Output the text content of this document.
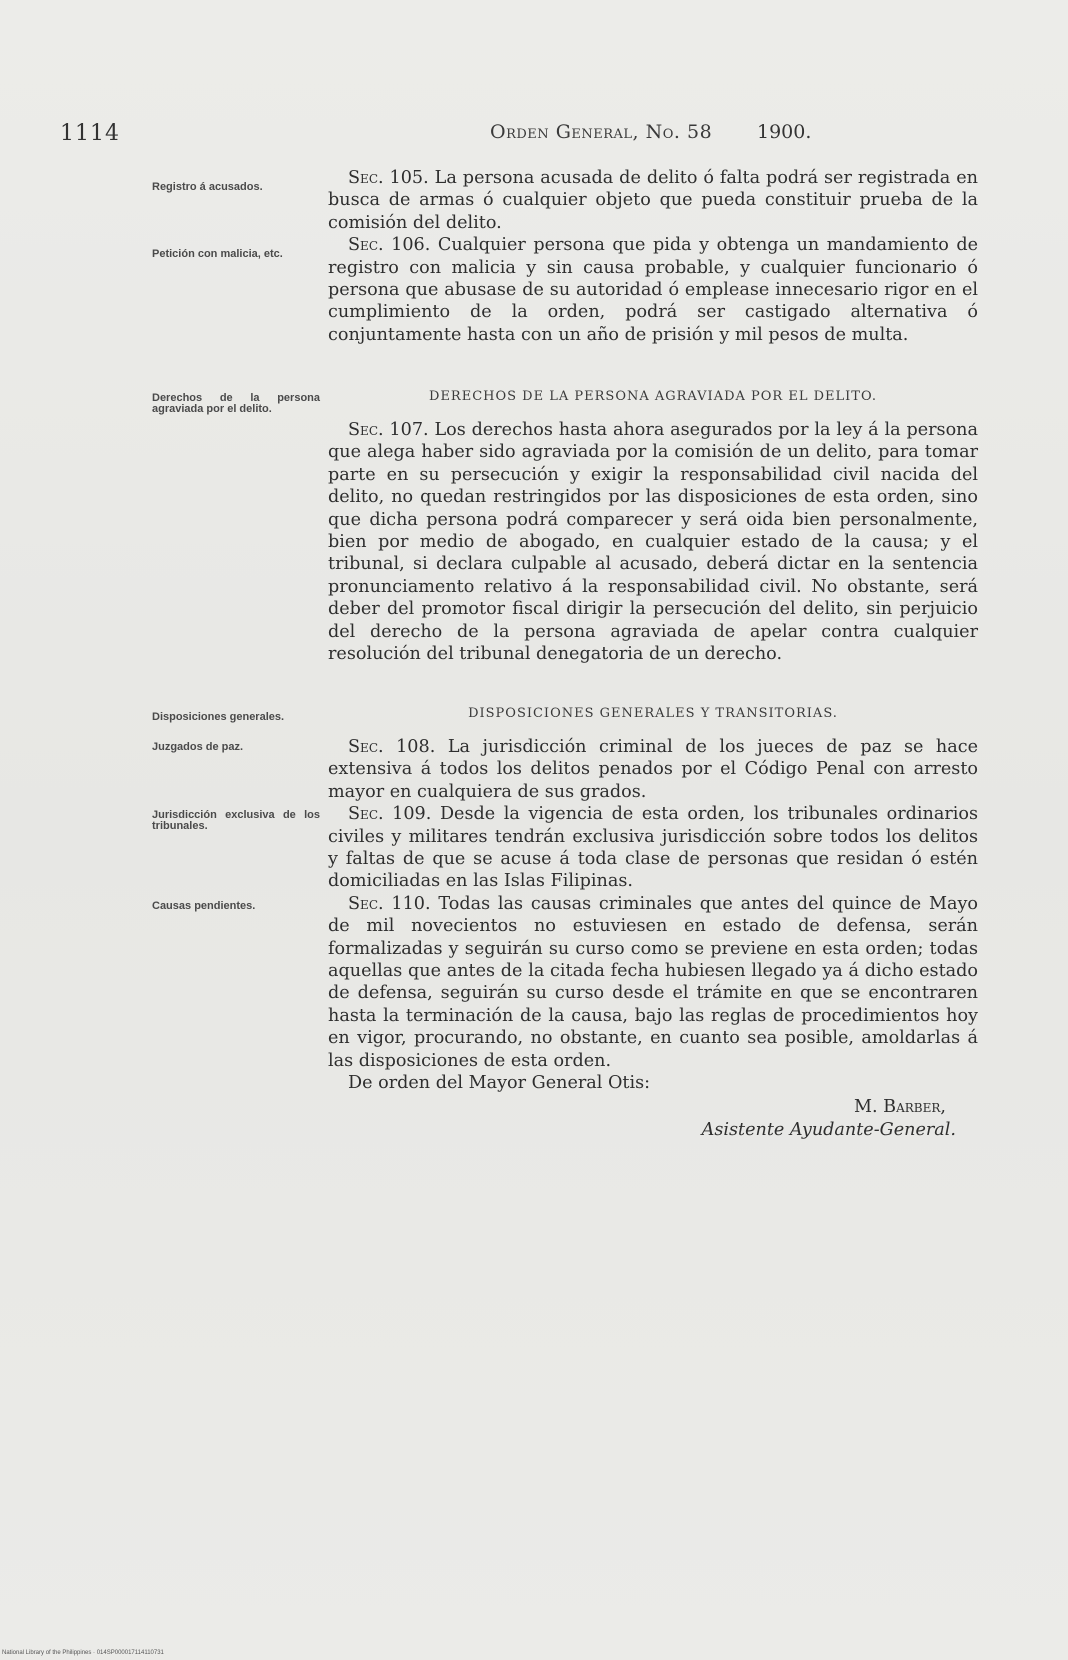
1114	Orden General, No. 58 1900.
Registro á acusados.
Petición con malicia, etc.
Derechos de la persona agraviada por el delito.
Disposiciones generales.
Juzgados de paz.
Jurisdicción exclusiva de los tribunales.
Causas pendientes.

Sec. 105. La persona acusada de delito ó falta podrá ser registrada en busca de armas ó cualquier objeto que pueda constituir prueba de la comisión del delito.

Sec. 106. Cualquier persona que pida y obtenga un mandamiento de registro con malicia y sin causa probable, y cualquier funcionario ó persona que abusase de su autoridad ó emplease innecesario rigor en el cumplimiento de la orden, podrá ser castigado alternativa ó conjuntamente hasta con un año de prisión y mil pesos de multa.

DERECHOS DE LA PERSONA AGRAVIADA POR EL DELITO.

Sec. 107. Los derechos hasta ahora asegurados por la ley á la persona que alega haber sido agraviada por la comisión de un delito, para tomar parte en su persecución y exigir la responsabilidad civil nacida del delito, no quedan restringidos por las disposiciones de esta orden, sino que dicha persona podrá comparecer y será oida bien personalmente, bien por medio de abogado, en cualquier estado de la causa; y el tribunal, si declara culpable al acusado, deberá dictar en la sentencia pronunciamento relativo á la responsabilidad civil. No obstante, será deber del promotor fiscal dirigir la persecución del delito, sin perjuicio del derecho de la persona agraviada de apelar contra cualquier resolución del tribunal denegatoria de un derecho.

DISPOSICIONES GENERALES Y TRANSITORIAS.

Sec. 108. La jurisdicción criminal de los jueces de paz se hace extensiva á todos los delitos penados por el Código Penal con arresto mayor en cualquiera de sus grados.

Sec. 109. Desde la vigencia de esta orden, los tribunales ordinarios civiles y militares tendrán exclusiva jurisdicción sobre todos los delitos y faltas de que se acuse á toda clase de personas que residan ó estén domiciliadas en las Islas Filipinas.

Sec. 110. Todas las causas criminales que antes del quince de Mayo de mil novecientos no estuviesen en estado de defensa, serán formalizadas y seguirán su curso como se previene en esta orden; todas aquellas que antes de la citada fecha hubiesen llegado ya á dicho estado de defensa, seguirán su curso desde el trámite en que se encontraren hasta la terminación de la causa, bajo las reglas de procedimientos hoy en vigor, procurando, no obstante, en cuanto sea posible, amoldarlas á las disposiciones de esta orden.

De orden del Mayor General Otis:

M. Barber,
Asistente Ayudante-General.
National Library of the Philippines · 014SP000017114110731
